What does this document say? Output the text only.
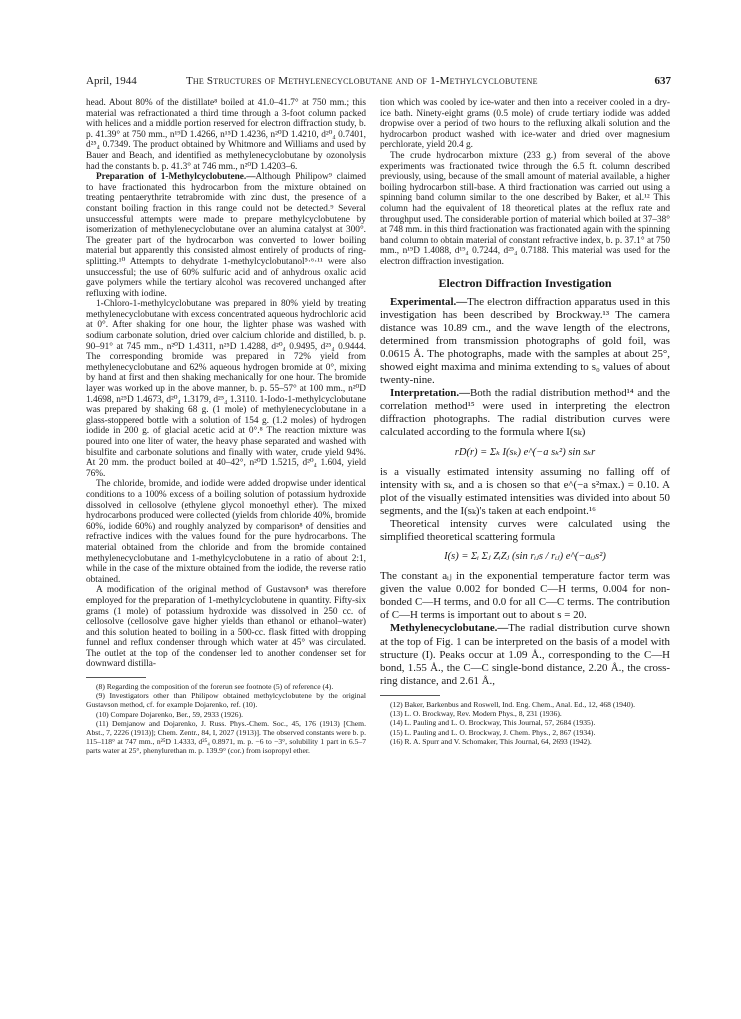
April, 1944	The Structures of Methylenecyclobutane and of 1-Methylcyclobutene	637

head. About 80% of the distillate⁸ boiled at 41.0–41.7° at 750 mm.; this material was refractionated a third time through a 3-foot column packed with helices and a middle portion reserved for electron diffraction study, b. p. 41.39° at 750 mm., n¹⁹D 1.4266, n¹⁵D 1.4236, n²⁰D 1.4210, d²⁰₄ 0.7401, d²⁵₄ 0.7349. The product obtained by Whitmore and Williams and used by Bauer and Beach, and identified as methylenecyclobutane by ozonolysis had the constants b. p. 41.3° at 746 mm., n²⁰D 1.4203–6.

Preparation of 1-Methylcyclobutene.—Although Philipow⁹ claimed to have fractionated this hydrocarbon from the mixture obtained on treating pentaerythrite tetrabromide with zinc dust, the presence of a constant boiling fraction in this range could not be detected.⁹ Several unsuccessful attempts were made to prepare methylcyclobutene by isomerization of methylenecyclobutane over an alumina catalyst at 300°. The greater part of the hydrocarbon was converted to lower boiling material but apparently this consisted almost entirely of products of ring-splitting.¹⁰ Attempts to dehydrate 1-methylcyclobutanol⁵·⁶·¹¹ were also unsuccessful; the use of 60% sulfuric acid and of anhydrous oxalic acid gave polymers while the tertiary alcohol was recovered unchanged after refluxing with iodine.

1-Chloro-1-methylcyclobutane was prepared in 80% yield by treating methylenecyclobutane with excess concentrated aqueous hydrochloric acid at 0°. After shaking for one hour, the lighter phase was washed with sodium carbonate solution, dried over calcium chloride and distilled, b. p. 90–91° at 745 mm., n²⁰D 1.4311, n²⁵D 1.4288, d²⁰₄ 0.9495, d²⁵₄ 0.9444. The corresponding bromide was prepared in 72% yield from methylenecyclobutane and 62% aqueous hydrogen bromide at 0°, mixing by hand at first and then shaking mechanically for one hour. The bromide layer was worked up in the above manner, b. p. 55–57° at 100 mm., n²⁰D 1.4698, n²⁵D 1.4673, d²⁰₄ 1.3179, d²⁵₄ 1.3110. 1-Iodo-1-methylcyclobutane was prepared by shaking 68 g. (1 mole) of methylenecyclobutane in a glass-stoppered bottle with a solution of 154 g. (1.2 moles) of hydrogen iodide in 200 g. of glacial acetic acid at 0°.⁸ The reaction mixture was poured into one liter of water, the heavy phase separated and washed with bisulfite and carbonate solutions and finally with water, crude yield 94%. At 20 mm. the product boiled at 40–42°, n²⁰D 1.5215, d²⁰₄ 1.604, yield 76%.

The chloride, bromide, and iodide were added dropwise under identical conditions to a 100% excess of a boiling solution of potassium hydroxide dissolved in cellosolve (ethylene glycol monoethyl ether). The mixed hydrocarbons produced were collected (yields from chloride 40%, bromide 60%, iodide 60%) and roughly analyzed by comparison⁸ of densities and refractive indices with the values found for the pure hydrocarbons. The material obtained from the chloride and from the bromide contained methylenecyclobutane and 1-methylcyclobutene in a ratio of about 2:1, while in the case of the mixture obtained from the iodide, the reverse ratio obtained.

A modification of the original method of Gustavson⁸ was therefore employed for the preparation of 1-methylcyclobutene in quantity. Fifty-six grams (1 mole) of potassium hydroxide was dissolved in 250 cc. of cellosolve (cellosolve gave higher yields than ethanol or ethanol–water) and this solution heated to boiling in a 500-cc. flask fitted with dropping funnel and reflux condenser through which water at 45° was circulated. The outlet at the top of the condenser led to another condenser set for downward distilla-

(8) Regarding the composition of the forerun see footnote (5) of reference (4).

(9) Investigators other than Philipow obtained methylcyclobutene by the original Gustavson method, cf. for example Dojarenko, ref. (10).

(10) Compare Dojarenko, Ber., 59, 2933 (1926).

(11) Demjanow and Dojarenko, J. Russ. Phys.-Chem. Soc., 45, 176 (1913) [Chem. Abst., 7, 2226 (1913)]; Chem. Zentr., 84, I, 2027 (1913)]. The observed constants were b. p. 115–118° at 747 mm., n²⁵D 1.4333, d²⁵₄ 0.8971, m. p. −6 to −3°, solubility 1 part in 6.5–7 parts water at 25°, phenylurethan m. p. 139.9° (cor.) from isopropyl ether.

tion which was cooled by ice-water and then into a receiver cooled in a dry-ice bath. Ninety-eight grams (0.5 mole) of crude tertiary iodide was added dropwise over a period of two hours to the refluxing alkali solution and the hydrocarbon product washed with ice-water and dried over magnesium perchlorate, yield 20.4 g.

The crude hydrocarbon mixture (233 g.) from several of the above experiments was fractionated twice through the 6.5 ft. column described previously, using, because of the small amount of material available, a higher boiling hydrocarbon still-base. A third fractionation was carried out using a spinning band column similar to the one described by Baker, et al.¹² This column had the equivalent of 18 theoretical plates at the reflux rate and throughput used. The considerable portion of material which boiled at 37–38° at 748 mm. in this third fractionation was fractionated again with the spinning band column to obtain material of constant refractive index, b. p. 37.1° at 750 mm., n¹⁹D 1.4088, d¹⁹₄ 0.7244, d²⁵₄ 0.7188. This material was used for the electron diffraction investigation.

Electron Diffraction Investigation

Experimental.—The electron diffraction apparatus used in this investigation has been described by Brockway.¹³ The camera distance was 10.89 cm., and the wave length of the electrons, determined from transmission photographs of gold foil, was 0.0615 Å. The photographs, made with the samples at about 25°, showed eight maxima and minima extending to s₀ values of about twenty-nine.

Interpretation.—Both the radial distribution method¹⁴ and the correlation method¹⁵ were used in interpreting the electron diffraction photographs. The radial distribution curves were calculated according to the formula where I(sₖ)

rD(r) = Σₖ I(sₖ) e^(−a sₖ²) sin sₖr

is a visually estimated intensity assuming no falling off of intensity with sₖ, and a is chosen so that e^(−a s²max.) = 0.10. A plot of the visually estimated intensities was divided into about 50 segments, and the I(sₖ)'s taken at each endpoint.¹⁶

Theoretical intensity curves were calculated using the simplified theoretical scattering formula

I(s) = Σᵢ Σⱼ ZᵢZⱼ (sin rᵢⱼs / rᵢⱼ) e^(−aᵢⱼs²)

The constant aᵢⱼ in the exponential temperature factor term was given the value 0.002 for bonded C—H terms, 0.004 for non-bonded C—H terms, and 0.0 for all C—C terms. The contribution of C—H terms is important out to about s = 20.

Methylenecyclobutane.—The radial distribution curve shown at the top of Fig. 1 can be interpreted on the basis of a model with structure (I). Peaks occur at 1.09 Å., corresponding to the C—H bond, 1.55 Å., the C—C single-bond distance, 2.20 Å., the cross-ring distance, and 2.61 Å.,

(12) Baker, Barkenbus and Roswell, Ind. Eng. Chem., Anal. Ed., 12, 468 (1940).

(13) L. O. Brockway, Rev. Modern Phys., 8, 231 (1936).

(14) L. Pauling and L. O. Brockway, This Journal, 57, 2684 (1935).

(15) L. Pauling and L. O. Brockway, J. Chem. Phys., 2, 867 (1934).

(16) R. A. Spurr and V. Schomaker, This Journal, 64, 2693 (1942).
